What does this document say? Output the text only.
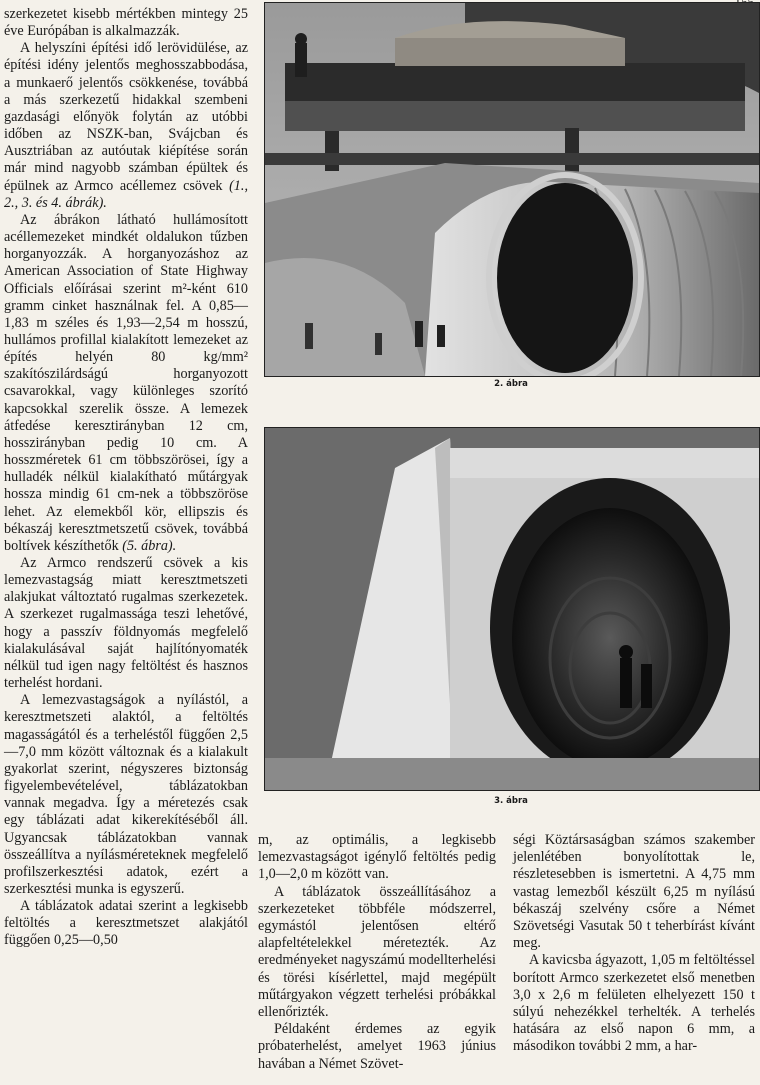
szerkezetet kisebb mértékben mintegy 25 éve Európában is alkalmazzák.

A helyszíni építési idő lerövidülése, az építési idény jelentős meghosszabbodása, a munkaerő jelentős csökkenése, továbbá a más szerkezetű hidakkal szembeni gazdasági előnyök folytán az utóbbi időben az NSZK-ban, Svájcban és Ausztriában az autóutak kiépítése során már mind nagyobb számban épültek és épülnek az Armco acéllemez csövek (1., 2., 3. és 4. ábrák).

Az ábrákon látható hullámosított acéllemezeket mindkét oldalukon tűzben horganyozzák. A horganyozáshoz az American Association of State Highway Officials előírásai szerint m²-ként 610 gramm cinket használnak fel. A 0,85—1,83 m széles és 1,93—2,54 m hosszú, hullámos profillal kialakított lemezeket az építés helyén 80 kg/mm² szakítószilárdságú horganyozott csavarokkal, vagy különleges szorító kapcsokkal szerelik össze. A lemezek átfedése keresztirányban 12 cm, hosszirányban pedig 10 cm. A hosszméretek 61 cm többszörösei, így a hulladék nélkül kialakítható műtárgyak hossza mindig 61 cm-nek a többszöröse lehet. Az elemekből kör, ellipszis és békaszáj keresztmetszetű csövek, továbbá boltívek készíthetők (5. ábra).

Az Armco rendszerű csövek a kis lemezvastagság miatt keresztmetszeti alakjukat változtató rugalmas szerkezetek. A szerkezet rugalmassága teszi lehetővé, hogy a passzív földnyomás megfelelő kialakulásával saját hajlítónyomaték nélkül tud igen nagy feltöltést és hasznos terhelést hordani.

A lemezvastagságok a nyílástól, a keresztmetszeti alaktól, a feltöltés magasságától és a terheléstől függően 2,5—7,0 mm között változnak és a kialakult gyakorlat szerint, négyszeres biztonság figyelembevételével, táblázatokban vannak megadva. Így a méretezés csak egy táblázati adat kikerekítéséből áll. Ugyancsak táblázatokban vannak összeállítva a nyílásméreteknek megfelelő profilszerkesztési adatok, ezért a szerkesztési munka is egyszerű.

A táblázatok adatai szerint a legkisebb feltöltés a keresztmetszet alakjától függően 0,25—0,50

2. ábra
3. ábra

m, az optimális, a legkisebb lemezvastagságot igénylő feltöltés pedig 1,0—2,0 m között van.

A táblázatok összeállításához a szerkezeteket többféle módszerrel, egymástól jelentősen eltérő alapfeltételekkel méretezték. Az eredményeket nagyszámú modellterhelési és törési kísérlettel, majd megépült műtárgyakon végzett terhelési próbákkal ellenőrizték.

Példaként érdemes az egyik próbaterhelést, amelyet 1963 június havában a Német Szövet-

ségi Köztársaságban számos szakember jelenlétében bonyolítottak le, részletesebben is ismertetni. A 4,75 mm vastag lemezből készült 6,25 m nyílású békaszáj szelvény csőre a Német Szövetségi Vasutak 50 t teherbírást kívánt meg.

A kavicsba ágyazott, 1,05 m feltöltéssel borított Armco szerkezetet első menetben 3,0 x 2,6 m felületen elhelyezett 150 t súlyú nehezékkel terhelték. A terhelés hatására az első napon 6 mm, a másodikon további 2 mm, a har-
